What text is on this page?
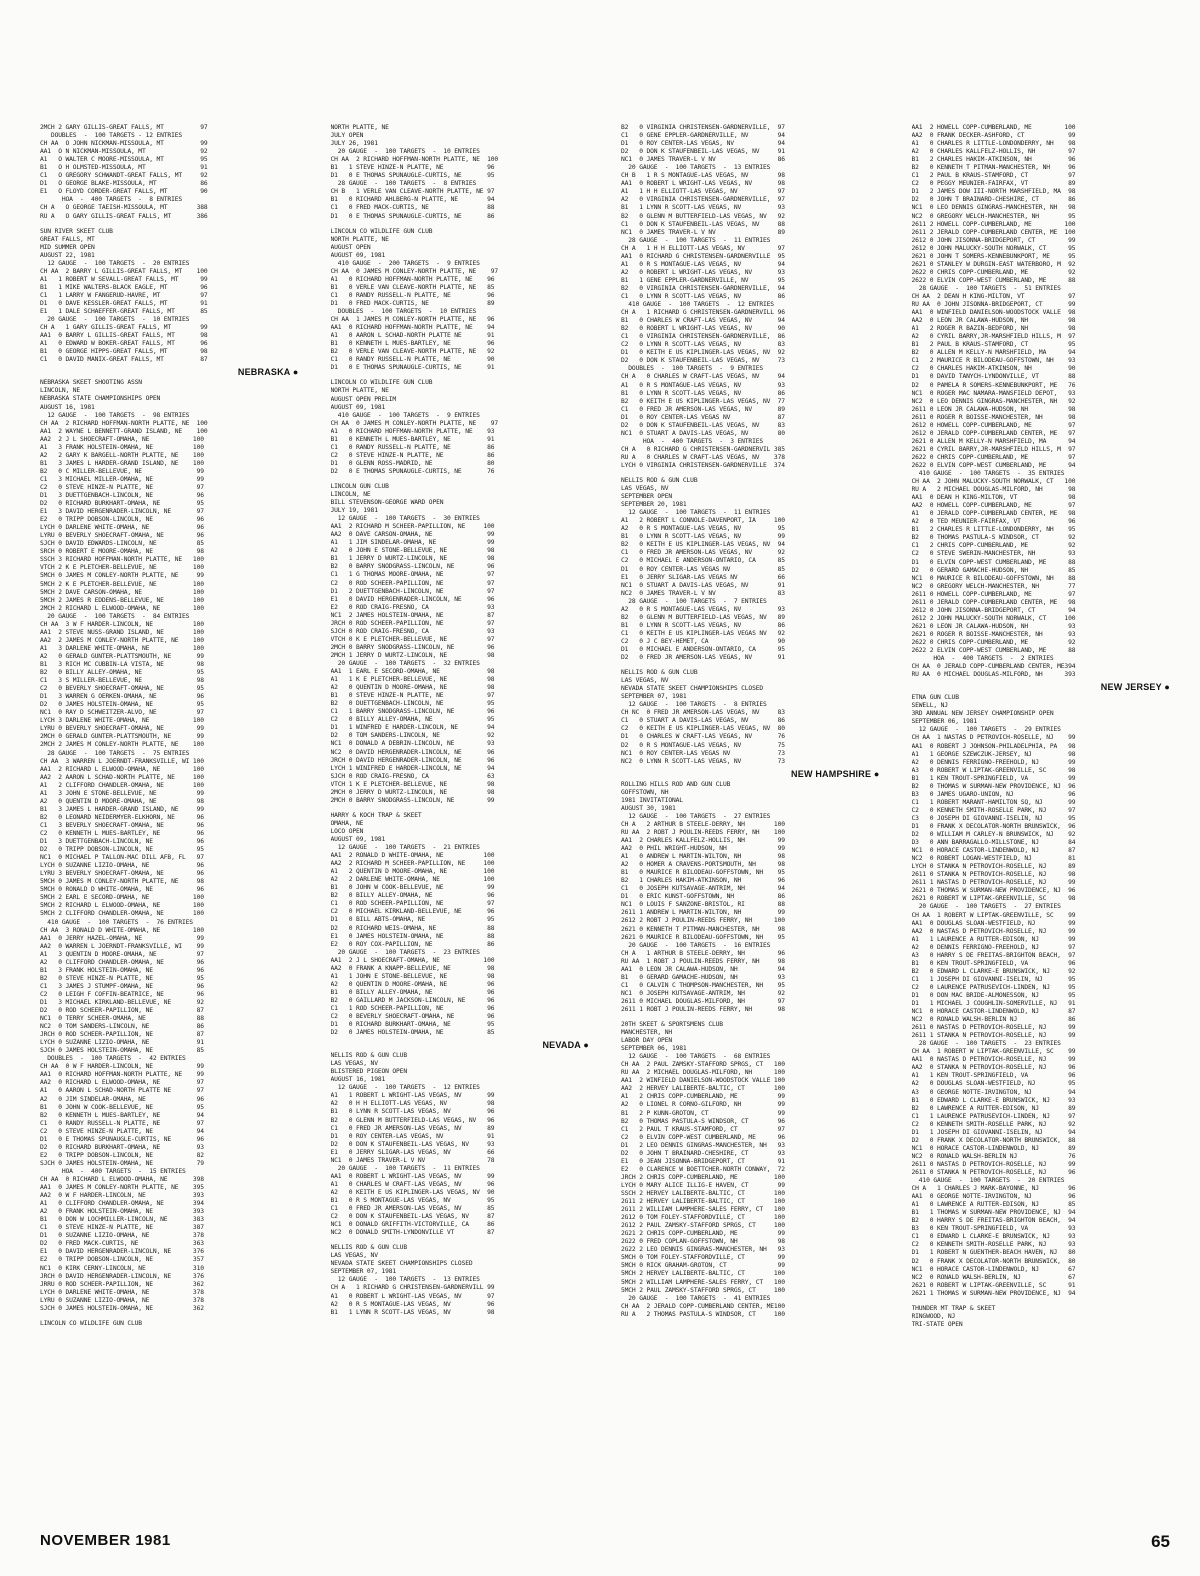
2MCH 2 GARY GILLIS-GREAT FALLS, MT          97
DOUBLES  -  100 TARGETS - 12 ENTRIES
CH AA  O JOHN NICKMAN-MISSOULA, MT          99
AA1  O N NICKMAN-MISSOULA, MT               92
A1   O WALTER C MOORE-MISSOULA, MT          95
B1   O H OLMSTED-MISSOULA, MT               91
C1   O GREGORY SCHWANDT-GREAT FALLS, MT     92
D1   O GEORGE BLAKE-MISSOULA, MT            86
E1   O FLOYD CORDER-GREAT FALLS, MT         90
HOA  -  400 TARGETS  -  8 ENTRIES
CH A   O GEORGE TAEISH-MISSOULA, MT        388
RU A   O GARY GILLIS-GREAT FALLS, MT       386
SUN RIVER SKEET CLUB
GREAT FALLS, MT
MID SUMMER OPEN
AUGUST 22, 1981
12 GAUGE  -  100 TARGETS  -  20 ENTRIES
CH AA  2 BARRY L GILLIS-GREAT FALLS, MT    100
A1   1 ROBERT W SEVALL-GREAT FALLS, MT      99
B1   1 MIKE WALTERS-BLACK EAGLE, MT         96
C1   1 LARRY W FANGERUD-HAVRE, MT           97
D1   0 DAVE KESSLER-GREAT FALLS, MT         91
E1   1 DALE SCHAEFFER-GREAT FALLS, MT       85
20 GAUGE  -  100 TARGETS  -  10 ENTRIES
CH A   1 GARY GILLIS-GREAT FALLS, MT        99
AA1  0 BARRY L GILLIS-GREAT FALLS, MT       98
A1   0 EDWARD W BOKER-GREAT FALLS, MT       96
B1   0 GEORGE HIPPS-GREAT FALLS, MT         98
C1   0 DAVID MANIX-GREAT FALLS, MT          87
NEBRASKA ●
NEBRASKA SKEET SHOOTING ASSN
LINCOLN, NE
NEBRASKA STATE CHAMPIONSHIPS OPEN
AUGUST 16, 1981
12 GAUGE  -  100 TARGETS  -  98 ENTRIES
CH AA  2 RICHARD HOFFMAN-NORTH PLATTE, NE  100
AA1  2 WAYNE L BENNETT-GRAND ISLAND, NE    100
AA2  2 J L SHOECRAFT-OMAHA, NE            100
A1   3 FRANK HOLSTEIN-OMAHA, NE           100
A2   2 GARY K BARGELL-NORTH PLATTE, NE    100
B1   3 JAMES L HARDER-GRAND ISLAND, NE    100
B2   0 C MILLER-BELLEVUE, NE               99
C1   3 MICHAEL MILLER-OMAHA, NE            99
C2   0 STEVE HINZE-N PLATTE, NE            97
D1   3 DUETTGENBACH-LINCOLN, NE            96
D2   0 RICHARD BURKHART-OMAHA, NE          95
E1   3 DAVID HERGENRADER-LINCOLN, NE       97
E2   0 TRIPP DOBSON-LINCOLN, NE            96
LYCH 0 DARLENE WHITE-OMAHA, NE             96
LYRU 0 BEVERLY SHOECRAFT-OMAHA, NE         96
SJCH 0 DAVID EDWARDS-LINCOLN, NE           85
SRCH 0 ROBERT E MOORE-OMAHA, NE            98
SSCH 3 RICHARD HOFFMAN-NORTH PLATTE, NE   100
VTCH 2 K E PLETCHER-BELLEVUE, NE          100
5MCH 0 JAMES M CONLEY-NORTH PLATTE, NE     99
5MCH 2 K E PLETCHER-BELLEVUE, NE          100
5MCH 2 DAVE CARSON-OMAHA, NE              100
5MCH 2 JAMES R EDDENS-BELLEVUE, NE        100
2MCH 2 RICHARD L ELWOOD-OMAHA, NE         100
20 GAUGE  -  100 TARGETS  -  84 ENTRIES
CH AA  3 W F HARDER-LINCOLN, NE           100
AA1  2 STEVE NUSS-GRAND ISLAND, NE        100
AA2  2 JAMES M CONLEY-NORTH PLATTE, NE    100
A1   3 DARLENE WHITE-OMAHA, NE            100
A2   0 GERALD GUNTER-PLATTSMOUTH, NE       99
B1   3 RICH MC CUBBIN-LA VISTA, NE         98
B2   0 BILLY ALLEY-OMAHA, NE               95
C1   3 S MILLER-BELLEVUE, NE               98
C2   0 BEVERLY SHOECRAFT-OMAHA, NE         95
D1   3 WARREN G OERKEN-OMAHA, NE           96
D2   0 JAMES HOLSTEIN-OMAHA, NE            95
NC1  0 RAY D SCHWEITZER-ALVO, NE           97
LYCH 3 DARLENE WHITE-OMAHA, NE            100
LYRU 0 BEVERLY SHOECRAFT-OMAHA, NE         99
2MCH 0 GERALD GUNTER-PLATTSMOUTH, NE       99
2MCH 2 JAMES M CONLEY-NORTH PLATTE, NE    100
28 GAUGE  -  100 TARGETS  -  75 ENTRIES
CH AA  3 WARREN L JOERNDT-FRANKSVILLE, WI 100
AA1  2 RICHARD L ELWOOD-OMAHA, NE         100
AA2  2 AARON L SCHAD-NORTH PLATTE, NE     100
A1   2 CLIFFORD CHANDLER-OMAHA, NE        100
A1   3 JOHN E STONE-BELLEVUE, NE           99
A2   0 QUENTIN D MOORE-OMAHA, NE           98
B1   3 JAMES L HARDER-GRAND ISLAND, NE     99
B2   0 LEONARD NEIDERMYER-ELKHORN, NE      96
C1   3 BEVERLY SHOECRAFT-OMAHA, NE         96
C2   0 KENNETH L MUES-BARTLEY, NE          96
D1   3 DUETTGENBACH-LINCOLN, NE            96
D2   0 TRIPP DOBSON-LINCOLN, NE            95
NC1  0 MICHAEL P TALLON-MAC DILL AFB, FL   97
LYCH 0 SUZANNE LIZIO-OMAHA, NE             96
LYRU 3 BEVERLY SHOECRAFT-OMAHA, NE         96
5MCH 0 JAMES M CONLEY-NORTH PLATTE, NE     98
5MCH 0 RONALD D WHITE-OMAHA, NE            96
5MCH 2 EARL E SECORD-OMAHA, NE            100
5MCH 2 RICHARD L ELWOOD-OMAHA, NE         100
5MCH 2 CLIFFORD CHANDLER-OMAHA, NE        100
410 GAUGE  -  100 TARGETS  -  76 ENTRIES
CH AA  3 RONALD D WHITE-OMAHA, NE         100
AA1  0 JERRY HAZEL-OMAHA, NE               99
AA2  0 WARREN L JOERNDT-FRANKSVILLE, WI    99
A1   3 QUENTIN D MOORE-OMAHA, NE           97
A2   0 CLIFFORD CHANDLER-OMAHA, NE         96
B1   3 FRANK HOLSTEIN-OMAHA, NE            96
B2   0 STEVE HINZE-N PLATTE, NE            95
C1   3 JAMES J STUMPF-OMAHA, NE            96
C2   0 LEIGH F COFFIN-BEATRICE, NE         96
D1   3 MICHAEL KIRKLAND-BELLEVUE, NE       92
D2   0 ROD SCHEER-PAPILLION, NE            87
NC1  0 TERRY SCHEER-OMAHA, NE              88
NC2  0 TOM SANDERS-LINCOLN, NE             86
JRCH 0 ROD SCHEER-PAPILLION, NE            87
LYCH 0 SUZANNE LIZIO-OMAHA, NE             91
SJCH 0 JAMES HOLSTEIN-OMAHA, NE            85
DOUBLES  -  100 TARGETS  -  42 ENTRIES
CH AA  0 W F HARDER-LINCOLN, NE            99
AA1  0 RICHARD HOFFMAN-NORTH PLATTE, NE    99
AA2  0 RICHARD L ELWOOD-OMAHA, NE          97
A1   0 AARON L SCHAD-NORTH PLATTE NE       97
A2   0 JIM SINDELAR-OMAHA, NE              96
B1   0 JOHN W COOK-BELLEVUE, NE            95
B2   0 KENNETH L MUES-BARTLEY, NE          94
C1   0 RANDY RUSSELL-N PLATTE, NE          97
C2   0 STEVE HINZE-N PLATTE, NE            94
D1   0 E THOMAS SPUNAUGLE-CURTIS, NE       96
D2   0 RICHARD BURKHART-OMAHA, NE          93
E2   0 TRIPP DOBSON-LINCOLN, NE            82
SJCH 0 JAMES HOLSTEIN-OMAHA, NE            79
HOA  -  400 TARGETS  -  15 ENTRIES
CH AA  0 RICHARD L ELWOOD-OMAHA, NE       398
AA1  0 JAMES M CONLEY-NORTH PLATTE, NE    395
AA2  0 W F HARDER-LINCOLN, NE             393
A1   0 CLIFFORD CHANDLER-OMAHA, NE        394
A2   0 FRANK HOLSTEIN-OMAHA, NE           393
B1   0 DON W LOCHMILLER-LINCOLN, NE       383
C1   0 STEVE HINZE-N PLATTE, NE           387
D1   0 SUZANNE LIZIO-OMAHA, NE            378
D2   0 FRED MACK-CURTIS, NE               363
E1   0 DAVID HERGENRADER-LINCOLN, NE      376
E2   0 TRIPP DOBSON-LINCOLN, NE           357
NC1  0 KIRK CERNY-LINCOLN, NE             310
JRCH 0 DAVID HERGENRADER-LINCOLN, NE      376
JRRU 0 ROD SCHEER-PAPILLION, NE           362
LYCH 0 DARLENE WHITE-OMAHA, NE            378
LYRU 0 SUZANNE LIZIO-OMAHA, NE            378
SJCH 0 JAMES HOLSTEIN-OMAHA, NE           362
LINCOLN CO WILDLIFE GUN CLUB
NORTH PLATTE, NE
JULY OPEN
JULY 26, 1981
20 GAUGE  -  100 TARGETS  -  10 ENTRIES
CH AA  2 RICHARD HOFFMAN-NORTH PLATTE, NE  100
B1   1 STEVE HINZE-N PLATTE, NE            96
D1   0 E THOMAS SPUNAUGLE-CURTIS, NE       95
28 GAUGE  -  100 TARGETS  -  8 ENTRIES
CH B   1 VERLE VAN CLEAVE-NORTH PLATTE, NE 97
B1   0 RICHARD AHLBERG-N PLATTE, NE        94
C1   0 FRED MACK-CURTIS, NE                88
D1   0 E THOMAS SPUNAUGLE-CURTIS, NE       86
LINCOLN CO WILDLIFE GUN CLUB
NORTH PLATTE, NE
AUGUST OPEN
AUGUST 09, 1981
410 GAUGE  -  200 TARGETS  -  9 ENTRIES
CH AA  0 JAMES M CONLEY-NORTH PLATTE, NE    97
A1   0 RICHARD HOFFMAN-NORTH PLATTE, NE    96
B1   0 VERLE VAN CLEAVE-NORTH PLATTE, NE   85
C1   0 RANDY RUSSELL-N PLATTE, NE          96
D1   0 FRED MACK-CURTIS, NE                89
DOUBLES  -  100 TARGETS  -  10 ENTRIES
CH AA  1 JAMES M CONLEY-NORTH PLATTE, NE   96
AA1  0 RICHARD HOFFMAN-NORTH PLATTE, NE    94
A1   0 AARON L SCHAD-NORTH PLATTE NE       91
B1   0 KENNETH L MUES-BARTLEY, NE          96
B2   0 VERLE VAN CLEAVE-NORTH PLATTE, NE   92
C1   0 RANDY RUSSELL-N PLATTE, NE          90
D1   0 E THOMAS SPUNAUGLE-CURTIS, NE       91
LINCOLN CO WILDLIFE GUN CLUB
NORTH PLATTE, NE
AUGUST OPEN PRELIM
AUGUST 09, 1981
410 GAUGE  -  100 TARGETS  -  9 ENTRIES
CH AA  0 JAMES M CONLEY-NORTH PLATTE, NE    97
A1   0 RICHARD HOFFMAN-NORTH PLATTE, NE    93
B1   0 KENNETH L MUES-BARTLEY, NE          91
C1   0 RANDY RUSSELL-N PLATTE, NE          86
C2   0 STEVE HINZE-N PLATTE, NE            86
D1   0 GLENN ROSS-MADRID, NE               80
D2   0 E THOMAS SPUNAUGLE-CURTIS, NE       76
LINCOLN GUN CLUB
LINCOLN, NE
BILL STEVENSON-GEORGE WARD OPEN
JULY 19, 1981
12 GAUGE  -  100 TARGETS  -  30 ENTRIES
AA1  2 RICHARD M SCHEER-PAPILLION, NE     100
AA2  0 DAVE CARSON-OMAHA, NE               99
A1   1 JIM SINDELAR-OMAHA, NE              99
A2   0 JOHN E STONE-BELLEVUE, NE           98
B1   1 JERRY D WURTZ-LINCOLN, NE           98
B2   0 BARRY SNODGRASS-LINCOLN, NE         96
C1   1 G THOMAS MOORE-OMAHA, NE            97
C2   0 ROD SCHEER-PAPILLION, NE            97
D1   2 DUETTGENBACH-LINCOLN, NE            97
E1   0 DAVID HERGENRADER-LINCOLN, NE       96
E2   0 ROD CRAIG-FRESNO, CA                93
NC1  2 JAMES HOLSTEIN-OMAHA, NE            87
JRCH 0 ROD SCHEER-PAPILLION, NE            97
SJCH 0 ROD CRAIG-FRESNO, CA                93
VTCH 0 K E PLETCHER-BELLEVUE, NE           97
2MCH 0 BARRY SNODGRASS-LINCOLN, NE         96
2MCH 1 JERRY D WURTZ-LINCOLN, NE           98
20 GAUGE  -  100 TARGETS  -  32 ENTRIES
AA1  1 EARL E SECORD-OMAHA, NE             98
A1   1 K E PLETCHER-BELLEVUE, NE           98
A2   0 QUENTIN D MOORE-OMAHA, NE           98
B1   0 STEVE HINZE-N PLATTE, NE            97
B2   0 DUETTGENBACH-LINCOLN, NE            95
C1   1 BARRY SNODGRASS-LINCOLN, NE         96
C2   0 BILLY ALLEY-OMAHA, NE               95
D1   1 WINFRED E HARDER-LINCOLN, NE        94
D2   0 TOM SANDERS-LINCOLN, NE             92
NC1  0 DONALD A DEBRIN-LINCOLN, NE         93
NC2  0 DAVID HERGENRADER-LINCOLN, NE       96
JRCH 0 DAVID HERGENRADER-LINCOLN, NE       96
LYCH 1 WINIFRED E HARDER-LINCOLN, NE       94
SJCH 0 ROD CRAIG-FRESNO, CA                63
VTCH 1 K E PLETCHER-BELLEVUE, NE           98
2MCH 0 JERRY D WURTZ-LINCOLN, NE           98
2MCH 0 BARRY SNODGRASS-LINCOLN, NE         99
HARRY & KOCH TRAP & SKEET
OMAHA, NE
LOCO OPEN
AUGUST 09, 1981
12 GAUGE  -  100 TARGETS  -  21 ENTRIES
AA1  2 RONALD D WHITE-OMAHA, NE           100
AA2  2 RICHARD M SCHEER-PAPILLION, NE     100
A1   2 QUENTIN D MOORE-OMAHA, NE          100
A2   2 DARLENE WHITE-OMAHA, NE            100
B1   0 JOHN W COOK-BELLEVUE, NE            99
B2   0 BILLY ALLEY-OMAHA, NE               96
C1   0 ROD SCHEER-PAPILLION, NE            97
C2   0 MICHAEL KIRKLAND-BELLEVUE, NE       96
D1   0 BILL ABTS-OMAHA, NE                 95
D2   0 RICHARD WEIS-OMAHA, NE              88
E1   0 JAMES HOLSTEIN-OMAHA, NE            88
E2   0 ROY COX-PAPILLION, NE               86
20 GAUGE  -  100 TARGETS  -  23 ENTRIES
AA1  2 J L SHOECRAFT-OMAHA, NE            100
AA2  0 FRANK A KNAPP-BELLEVUE, NE          98
A1   1 JOHN E STONE-BELLEVUE, NE           98
A2   0 QUENTIN D MOORE-OMAHA, NE           96
B1   0 BILLY ALLEY-OMAHA, NE               96
B2   0 GAILLARD M JACKSON-LINCOLN, NE      96
C1   1 ROD SCHEER-PAPILLION, NE            96
C2   0 BEVERLY SHOECRAFT-OMAHA, NE         96
D1   0 RICHARD BURKHART-OMAHA, NE          95
D2   0 JAMES HOLSTEIN-OMAHA, NE            85
NEVADA ●
NELLIS ROD & GUN CLUB
LAS VEGAS, NV
BLISTERED PIGEON OPEN
AUGUST 16, 1981
12 GAUGE  -  100 TARGETS  -  12 ENTRIES
A1   1 ROBERT L WRIGHT-LAS VEGAS, NV       99
A2   0 H H ELLIOTT-LAS VEGAS, NV           98
B1   0 LYNN R SCOTT-LAS VEGAS, NV          96
B2   0 GLENN M BUTTERFIELD-LAS VEGAS, NV   96
C1   0 FRED JR AMERSON-LAS VEGAS, NV       89
D1   0 ROY CENTER-LAS VEGAS, NV            91
D2   0 DON K STAUFENBEIL-LAS VEGAS, NV     93
E1   0 JERRY SLIGAR-LAS VEGAS, NV          66
NC1  0 JAMES TRAVER-L V NV                 78
20 GAUGE  -  100 TARGETS  -  11 ENTRIES
AA1  0 ROBERT L WRIGHT-LAS VEGAS, NV       99
A1   0 CHARLES W CRAFT-LAS VEGAS, NV       96
A2   0 KEITH E US KIPLINGER-LAS VEGAS, NV  90
B1   0 R S MONTAGUE-LAS VEGAS, NV          95
C1   0 FRED JR AMERSON-LAS VEGAS, NV       85
C2   0 DON K STAUFENBEIL-LAS VEGAS, NV     87
NC1  0 DONALD GRIFFITH-VICTORVILLE, CA     86
NC2  0 DONALD SMITH-LYNDONVILLE VT         87
NELLIS ROD & GUN CLUB
LAS VEGAS, NV
NEVADA STATE SKEET CHAMPIONSHIPS CLOSED
SEPTEMBER 07, 1981
12 GAUGE  -  100 TARGETS  -  13 ENTRIES
CH A   1 RICHARD G CHRISTENSEN-GARDNERVILL 99
A1   0 ROBERT L WRIGHT-LAS VEGAS, NV       97
A2   0 R S MONTAGUE-LAS VEGAS, NV          96
B1   1 LYNN R SCOTT-LAS VEGAS, NV          98
B2   0 VIRGINIA CHRISTENSEN-GARDNERVILLE,  97
C1   0 GENE EPPLER-GARDNERVILLE, NV        94
D1   0 ROY CENTER-LAS VEGAS, NV            94
D2   0 DON K STAUFENBEIL-LAS VEGAS, NV     91
NC1  0 JAMES TRAVER-L V NV                 86
20 GAUGE  -  100 TARGETS  -  13 ENTRIES
CH B   1 R S MONTAGUE-LAS VEGAS, NV        98
AA1  0 ROBERT L WRIGHT-LAS VEGAS, NV       98
A1   1 H H ELLIOTT-LAS VEGAS, NV           97
A2   0 VIRGINIA CHRISTENSEN-GARDNERVILLE,  97
B1   1 LYNN R SCOTT-LAS VEGAS, NV          93
B2   0 GLENN M BUTTERFIELD-LAS VEGAS, NV   92
C1   0 DON K STAUFENBEIL-LAS VEGAS, NV     88
NC1  0 JAMES TRAVER-L V NV                 89
28 GAUGE  -  100 TARGETS  -  11 ENTRIES
CH A   1 H H ELLIOTT-LAS VEGAS, NV         97
AA1  0 RICHARD G CHRISTENSEN-GARDNERVILLE  95
A1   0 R S MONTAGUE-LAS VEGAS, NV          94
A2   0 ROBERT L WRIGHT-LAS VEGAS, NV       93
B1   1 GENE EPPLER-GARDNERVILLE, NV        95
B2   0 VIRGINIA CHRISTENSEN-GARDNERVILLE,  94
C1   0 LYNN R SCOTT-LAS VEGAS, NV          86
410 GAUGE  -  100 TARGETS  -  12 ENTRIES
CH A   1 RICHARD G CHRISTENSEN-GARDNERVILL 96
B1   0 CHARLES W CRAFT-LAS VEGAS, NV       94
B2   0 ROBERT L WRIGHT-LAS VEGAS, NV       90
C1   0 VIRGINIA CHRISTENSEN-GARDNERVILLE,  86
C2   0 LYNN R SCOTT-LAS VEGAS, NV          83
D1   0 KEITH E US KIPLINGER-LAS VEGAS, NV  92
D2   0 DON K STAUFENBEIL-LAS VEGAS, NV     73
DOUBLES  -  100 TARGETS  -  9 ENTRIES
CH A   0 CHARLES W CRAFT-LAS VEGAS, NV     94
A1   0 R S MONTAGUE-LAS VEGAS, NV          93
B1   0 LYNN R SCOTT-LAS VEGAS, NV          86
B2   0 KEITH E US KIPLINGER-LAS VEGAS, NV  77
C1   0 FRED JR AMERSON-LAS VEGAS, NV       89
D1   0 ROY CENTER-LAS VEGAS NV             87
D2   0 DON K STAUFENBEIL-LAS VEGAS, NV     83
NC1  0 STUART A DAVIS-LAS VEGAS, NV        80
HOA  -  400 TARGETS  -  3 ENTRIES
CH A   0 RICHARD G CHRISTENSEN-GARDNERVIL 385
RU A   0 CHARLES W CRAFT-LAS VEGAS, NV    378
LYCH 0 VIRGINIA CHRISTENSEN-GARDNERVILLE  374
NELLIS ROD & GUN CLUB
LAS VEGAS, NV
SEPTEMBER OPEN
SEPTEMBER 20, 1981
12 GAUGE  -  100 TARGETS  -  11 ENTRIES
A1   2 ROBERT L CONNOLE-DAVENPORT, IA     100
A2   0 R S MONTAGUE-LAS VEGAS, NV          95
B1   0 LYNN R SCOTT-LAS VEGAS, NV          99
B2   0 KEITH E US KIPLINGER-LAS VEGAS, NV  94
C1   0 FRED JR AMERSON-LAS VEGAS, NV       92
C2   0 MICHAEL E ANDERSON-ONTARIO, CA      85
D1   0 ROY CENTER-LAS VEGAS NV             85
E1   0 JERRY SLIGAR-LAS VEGAS NV           66
NC1  0 STUART A DAVIS-LAS VEGAS, NV        91
NC2  0 JAMES TRAVER-L V NV                 83
28 GAUGE  -  100 TARGETS  -  7 ENTRIES
A2   0 R S MONTAGUE-LAS VEGAS, NV          93
B2   0 GLENN M BUTTERFIELD-LAS VEGAS, NV   89
B1   0 LYNN R SCOTT-LAS VEGAS, NV          86
C1   0 KEITH E US KIPLINGER-LAS VEGAS NV   92
C2   0 J C BEY-HEMET, CA                   90
D1   0 MICHAEL E ANDERSON-ONTARIO, CA      95
D2   0 FRED JR AMERSON-LAS VEGAS, NV       91
NELLIS ROD & GUN CLUB
LAS VEGAS, NV
NEVADA STATE SKEET CHAMPIONSHIPS CLOSED
SEPTEMBER 07, 1981
12 GAUGE  -  100 TARGETS  -  8 ENTRIES
CH NC  0 FRED JR AMERSON-LAS VEGAS, NV     83
C1   0 STUART A DAVIS-LAS VEGAS, NV        86
C2   0 KEITH E US KIPLINGER-LAS VEGAS, NV  80
D1   0 CHARLES W CRAFT-LAS VEGAS, NV       76
D2   0 R S MONTAGUE-LAS VEGAS, NV          75
NC1  0 ROY CENTER-LAS VEGAS NV             73
NC2  0 LYNN R SCOTT-LAS VEGAS, NV          73
NEW HAMPSHIRE ●
ROLLING HILLS ROD AND GUN CLUB
GOFFSTOWN, NH
1981 INVITATIONAL
AUGUST 30, 1981
12 GAUGE  -  100 TARGETS  -  27 ENTRIES
CH A   2 ARTHUR B STEELE-DERRY, NH        100
RU AA  2 ROBT J POULIN-REEDS FERRY, NH    100
AA1  2 CHARLES KALLFELZ-HOLLIS, NH         99
AA2  0 PHIL WRIGHT-HUDSON, NH              99
A1   0 ANDREW L MARTIN-WILTON, NH          98
A2   0 HOMER A CRAVENS-PORTSMOUTH, NH      98
B1   0 MAURICE R BILODEAU-GOFFSTOWN, NH    95
B2   1 CHARLES HAKIM-ATKINSON, NH          96
C1   0 JOSEPH KUTSAVAGE-ANTRIM, NH         94
D1   0 ERIC KUNST-GOFFSTOWN, NH            86
NC1  0 LOUIS F SANZONE-BRISTOL, RI         88
2611 1 ANDREW L MARTIN-WILTON, NH          99
2612 2 ROBT J POULIN-REEDS FERRY, NH      100
2621 0 KENNETH T PITMAN-MANCHESTER, NH     98
2621 0 MAURICE R BILODEAU-GOFFSTOWN, NH    95
20 GAUGE  -  100 TARGETS  -  16 ENTRIES
CH A   1 ARTHUR B STEELE-DERRY, NH         96
RU AA  1 ROBT J POULIN-REEDS FERRY, NH     98
AA1  0 LEON JR CALAWA-HUDSON, NH           94
B1   0 GERARD GAMACHE-HUDSON, NH           93
C1   0 CALVIN C THOMPSON-MANCHESTER, NH    95
NC1  0 JOSEPH KUTSAVAGE-ANTRIM, NH         92
2611 0 MICHAEL DOUGLAS-MILFORD, NH         97
2611 1 ROBT J POULIN-REEDS FERRY, NH       98
20TH SKEET & SPORTSMENS CLUB
MANCHESTER, NH
LABOR DAY OPEN
SEPTEMBER 06, 1981
12 GAUGE  -  100 TARGETS  -  68 ENTRIES
CH AA  2 PAUL ZAMSKY-STAFFORD SPRGS, CT   100
RU AA  2 MICHAEL DOUGLAS-MILFORD, NH      100
AA1  2 WINFIELD DANIELSON-WOODSTOCK VALLE 100
AA2  2 HERVEY LALIBERTE-BALTIC, CT        100
A1   2 CHRIS COPP-CUMBERLAND, ME           99
A2   0 LIONEL R CORNO-GILFORD, NH          99
B1   2 P KUNN-GROTON, CT                   99
B2   0 THOMAS PASTULA-S WINDSOR, CT        96
C1   2 PAUL T KRAUS-STAMFORD, CT           97
C2   0 ELVIN COPP-WEST CUMBERLAND, ME      96
D1   2 LEO DENNIS GINGRAS-MANCHESTER, NH   93
D2   0 JOHN T BRAINARD-CHESHIRE, CT        93
E1   0 JEAN JISONNA-BRIDGEPORT, CT         91
E2   0 CLARENCE W BOETTCHER-NORTH CONWAY,  72
JRCH 2 CHRIS COPP-CUMBERLAND, ME          100
LYCH 0 MARY ALICE ILLIG-E HAVEN, CT        99
SSCH 2 HERVEY LALIBERTE-BALTIC, CT        100
2G11 2 HERVEY LALIBERTE-BALTIC, CT        100
2G11 2 WILLIAM LAMPHERE-SALES FERRY, CT   100
2G12 0 TOM FOLEY-STAFFORDVILLE, CT        100
2G12 2 PAUL ZAMSKY-STAFFORD SPRGS, CT     100
2G21 2 CHRIS COPP-CUMBERLAND, ME           99
2G22 0 FRED COPLAN-GOFFSTOWN, NH           98
2G22 2 LEO DENNIS GINGRAS-MANCHESTER, NH   93
5MCH 0 TOM FOLEY-STAFFORDVILLE, CT         99
5MCH 0 RICK GRAHAM-GROTON, CT              99
5MCH 2 HERVEY LALIBERTE-BALTIC, CT        100
5MCH 2 WILLIAM LAMPHERE-SALES FERRY, CT   100
5MCH 2 PAUL ZAMSKY-STAFFORD SPRGS, CT     100
20 GAUGE  -  100 TARGETS  -  41 ENTRIES
CH AA  2 JERALD COPP-CUMBERLAND CENTER, ME100
RU A   2 THOMAS PASTULA-S WINDSOR, CT     100
AA1  2 HOWELL COPP-CUMBERLAND, ME         100
AA2  0 FRANK DECKER-ASHFORD, CT            99
A1   0 CHARLES R LITTLE-LONDONDERRY, NH    98
A2   0 CHARLES KALLFELZ-HOLLIS, NH         97
B1   2 CHARLES HAKIM-ATKINSON, NH          96
B2   0 KENNETH T PITMAN-MANCHESTER, NH     96
C1   2 PAUL B KRAUS-STAMFORD, CT           97
C2   0 PEGGY MEUNIER-FAIRFAX, VT           89
D1   2 JAMES DOW III-NORTH MARSHFIELD, MA  98
D2   0 JOHN T BRAINARD-CHESHIRE, CT        86
NC1  0 LEO DENNIS GINGRAS-MANCHESTER, NH   98
NC2  0 GREGORY WELCH-MANCHESTER, NH        95
2611 2 HOWELL COPP-CUMBERLAND, ME         100
2611 2 JERALD COPP-CUMBERLAND CENTER, ME  100
2612 0 JOHN JISONNA-BRIDGEPORT, CT         99
2612 0 JOHN MALUCKY-SOUTH NORWALK, CT      95
2621 0 JOHN T SOMERS-KENNEBUNKPORT, ME     95
2621 0 STANLEY W DURGIN-EAST WATERBORO, M  92
2622 0 CHRIS COPP-CUMBERLAND, ME           92
2622 0 ELVIN COPP-WEST CUMBERLAND, ME      88
28 GAUGE  -  100 TARGETS  -  51 ENTRIES
CH AA  2 DEAN H KING-MILTON, VT            97
RU AA  0 JOHN JISONNA-BRIDGEPORT, CT       99
AA1  0 WINFIELD DANIELSON-WOODSTOCK VALLE  98
AA2  0 LEON JR CALAWA-HUDSON, NH           98
A1   2 ROGER R BAZIN-BEDFORD, NH           98
A2   0 CYRIL BARRY,JR-MARSHFIELD HILLS, M  97
B1   2 PAUL B KRAUS-STAMFORD, CT           95
B2   0 ALLEN M KELLY-N MARSHFIELD, MA      94
C1   2 MAURICE R BILODEAU-GOFFSTOWN, NH    93
C2   0 CHARLES HAKIM-ATKINSON, NH          90
D1   0 DAVID TANYCH-LYNDONVILLE, VT        88
D2   0 PAMELA R SOMERS-KENNEBUNKPORT, ME   76
NC1  0 ROGER MAC NAMARA-MANSFIELD DEPOT,   93
NC2  0 LEO DENNIS GINGRAS-MANCHESTER, NH   92
2611 0 LEON JR CALAWA-HUDSON, NH           98
2611 0 ROGER R BOISSE-MANCHESTER, NH       98
2612 0 HOWELL COPP-CUMBERLAND, ME          97
2612 0 JERALD COPP-CUMBERLAND CENTER, ME   97
2621 0 ALLEN M KELLY-N MARSHFIELD, MA      94
2621 0 CYRIL BARRY,JR-MARSHFIELD HILLS, M  97
2622 0 CHRIS COPP-CUMBERLAND, ME           97
2622 0 ELVIN COPP-WEST CUMBERLAND, ME      94
410 GAUGE  -  100 TARGETS  -  35 ENTRIES
CH AA  2 JOHN MALUCKY-SOUTH NORWALK, CT   100
RU A   2 MICHAEL DOUGLAS-MILFORD, NH       98
AA1  0 DEAN H KING-MILTON, VT              98
AA2  0 HOWELL COPP-CUMBERLAND, ME          97
A1   0 JERALD COPP-CUMBERLAND CENTER, ME   98
A2   0 TED MEUNIER-FAIRFAX, VT             96
B1   2 CHARLES R LITTLE-LONDONDERRY, NH    95
B2   0 THOMAS PASTULA-S WINDSOR, CT        92
C1   2 CHRIS COPP-CUMBERLAND, ME           92
C2   0 STEVE SWERIN-MANCHESTER, NH         93
D1   0 ELVIN COPP-WEST CUMBERLAND, ME      88
D2   0 GERARD GAMACHE-HUDSON, NH           85
NC1  0 MAURICE R BILODEAU-GOFFSTOWN, NH    88
NC2  0 GREGORY WELCH-MANCHESTER, NH        77
2611 0 HOWELL COPP-CUMBERLAND, ME          97
2611 0 JERALD COPP-CUMBERLAND CENTER, ME   98
2612 0 JOHN JISONNA-BRIDGEPORT, CT         94
2612 2 JOHN MALUCKY-SOUTH NORWALK, CT     100
2621 0 LEON JR CALAWA-HUDSON, NH           93
2621 0 ROGER R BOISSE-MANCHESTER, NH       93
2622 0 CHRIS COPP-CUMBERLAND, ME           92
2622 2 ELVIN COPP-WEST CUMBERLAND, ME      88
HOA  -  400 TARGETS  -  2 ENTRIES
CH AA  0 JERALD COPP-CUMBERLAND CENTER, ME394
RU AA  0 MICHAEL DOUGLAS-MILFORD, NH      393
NEW JERSEY ●
ETNA GUN CLUB
SEWELL, NJ
3RD ANNUAL NEW JERSEY CHAMPIONSHIP OPEN
SEPTEMBER 06, 1981
12 GAUGE  -  100 TARGETS  -  29 ENTRIES
CH AA  1 NASTAS D PETROVICH-ROSELLE, NJ    99
AA1  0 ROBERT J JOHNSON-PHILADELPHIA, PA   98
A1   1 GEORGE SZEWCZUK-JERSEY, NJ          98
A2   0 DENNIS FERRIGNO-FREEHOLD, NJ        99
A3   0 ROBERT W LIPTAK-GREENVILLE, SC      98
B1   1 KEN TROUT-SPRINGFIELD, VA           99
B2   0 THOMAS W SURMAN-NEW PROVIDENCE, NJ  96
B3   0 JAMES UGARO-UNION, NJ               96
C1   1 ROBERT MARANT-HAMILTON SQ, NJ       99
C2   0 KENNETH SMITH-ROSELLE PARK, NJ      97
C3   0 JOSEPH DI GIOVANNI-ISELIN, NJ       95
D1   0 FRANK X DECOLATOR-NORTH BRUNSWICK,  96
D2   0 WILLIAM M CARLEY-N BRUNSWICK, NJ    92
D3   0 ANN BARRAGALLO-MILLSTONE, NJ        84
NC1  0 HORACE CASTOR-LINDENWOLD, NJ        87
NC2  0 ROBERT LOGAN-WESTFIELD, NJ          81
LYCH 0 STANKA N PETROVICH-ROSELLE, NJ      89
2611 0 STANKA N PETROVICH-ROSELLE, NJ      98
2611 1 NASTAS D PETROVICH-ROSELLE, NJ      99
2621 0 THOMAS W SURMAN-NEW PROVIDENCE, NJ  96
2621 0 ROBERT W LIPTAK-GREENVILLE, SC      98
20 GAUGE  -  100 TARGETS  -  27 ENTRIES
CH AA  1 ROBERT W LIPTAK-GREENVILLE, SC    99
AA1  0 DOUGLAS SLOAN-WESTFIELD, NJ         99
AA2  0 NASTAS D PETROVICH-ROSELLE, NJ      99
A1   1 LAURENCE A RUTTER-EDISON, NJ        99
A2   0 DENNIS FERRIGNO-FREEHOLD, NJ        97
A3   0 HARRY S DE FREITAS-BRIGHTON BEACH,  97
B1   0 KEN TROUT-SPRINGFIELD, VA           96
B2   0 EDWARD L CLARKE-E BRUNSWICK, NJ     92
C1   1 JOSEPH DI GIOVANNI-ISELIN, NJ       95
C2   0 LAURENCE PATRUSEVICH-LINDEN, NJ     95
D1   0 DON MAC BRIDE-ALMONESSON, NJ        95
D1   1 MICHAEL J COUGHLIN-SOMERVILLE, NJ   91
NC1  0 HORACE CASTOR-LINDENWOLD, NJ        87
NC2  0 RONALD WALSH-BERLIN NJ              86
2611 0 NASTAS D PETROVICH-ROSELLE, NJ      99
2611 1 STANKA N PETROVICH-ROSELLE, NJ      99
28 GAUGE  -  100 TARGETS  -  23 ENTRIES
CH AA  1 ROBERT W LIPTAK-GREENVILLE, SC    99
AA1  0 NASTAS D PETROVICH-ROSELLE, NJ      99
AA2  0 STANKA N PETROVICH-ROSELLE, NJ      96
A1   1 KEN TROUT-SPRINGFIELD, VA           96
A2   0 DOUGLAS SLOAN-WESTFIELD, NJ         95
A3   0 GEORGE NOTTE-IRVINGTON, NJ          94
B1   0 EDWARD L CLARKE-E BRUNSWICK, NJ     93
B2   0 LAWRENCE A RUTTER-EDISON, NJ        89
C1   1 LAURENCE PATRUSEVICH-LINDEN, NJ     97
C2   0 KENNETH SMITH-ROSELLE PARK, NJ      92
D1   1 JOSEPH DI GIOVANNI-ISELIN, NJ       94
D2   0 FRANK X DECOLATOR-NORTH BRUNSWICK,  88
NC1  0 HORACE CASTOR-LINDENWOLD, NJ        89
NC2  0 RONALD WALSH-BERLIN NJ              76
2611 0 NASTAS D PETROVICH-ROSELLE, NJ      99
2611 0 STANKA N PETROVICH-ROSELLE, NJ      96
410 GAUGE  -  100 TARGETS  -  20 ENTRIES
CH A   1 CHARLES J MARK-BAYONNE, NJ        96
AA1  0 GEORGE NOTTE-IRVINGTON, NJ          96
A1   0 LAWRENCE A RUTTER-EDISON, NJ        85
B1   1 THOMAS W SURMAN-NEW PROVIDENCE, NJ  94
B2   0 HARRY S DE FREITAS-BRIGHTON BEACH,  94
B3   0 KEN TROUT-SPRINGFIELD, VA           93
C1   0 EDWARD L CLARKE-E BRUNSWICK, NJ     93
C2   0 KENNETH SMITH-ROSELLE PARK, NJ      93
D1   1 ROBERT N GUENTHER-BEACH HAVEN, NJ   80
D2   0 FRANK X DECOLATOR-NORTH BRUNSWICK,  80
NC1  0 HORACE CASTOR-LINDENWOLD, NJ        67
NC2  0 RONALD WALSH-BERLIN, NJ             67
2621 0 ROBERT W LIPTAK-GREENVILLE, SC      91
2621 1 THOMAS W SURMAN-NEW PROVIDENCE, NJ  94
THUNDER MT TRAP & SKEET
RINGWOOD, NJ
TRI-STATE OPEN
NOVEMBER 1981	65
